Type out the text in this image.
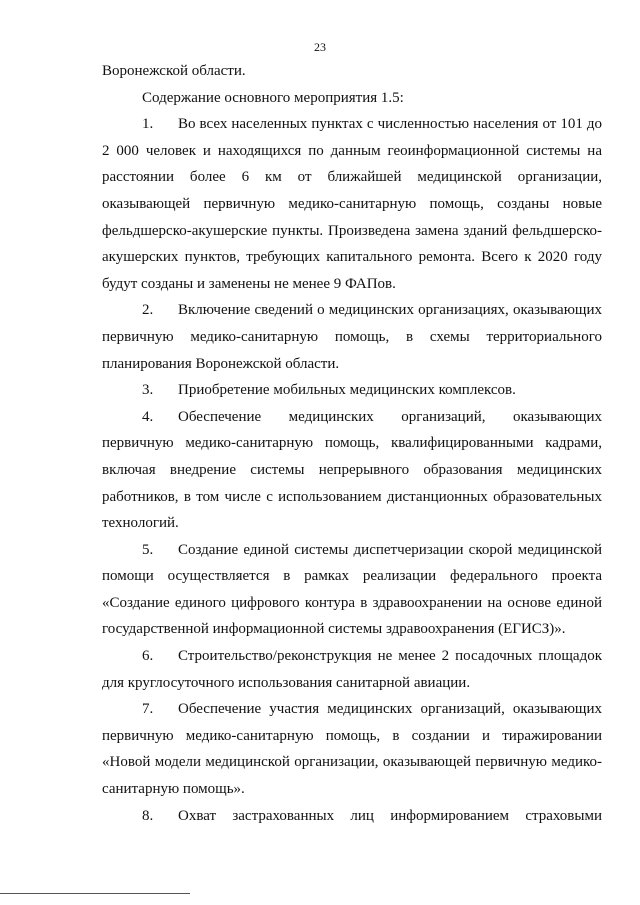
23

Воронежской области.

Содержание основного мероприятия 1.5:

1. Во всех населенных пунктах с численностью населения от 101 до 2 000 человек и находящихся по данным геоинформационной системы на расстоянии более 6 км от ближайшей медицинской организации, оказывающей первичную медико-санитарную помощь, созданы новые фельдшерско-акушерские пункты. Произведена замена зданий фельдшерско-акушерских пунктов, требующих капитального ремонта. Всего к 2020 году будут созданы и заменены не менее 9 ФАПов.

2. Включение сведений о медицинских организациях, оказывающих первичную медико-санитарную помощь, в схемы территориального планирования Воронежской области.

3. Приобретение мобильных медицинских комплексов.

4. Обеспечение медицинских организаций, оказывающих первичную медико-санитарную помощь, квалифицированными кадрами, включая внедрение системы непрерывного образования медицинских работников, в том числе с использованием дистанционных образовательных технологий.

5. Создание единой системы диспетчеризации скорой медицинской помощи осуществляется в рамках реализации федерального проекта «Создание единого цифрового контура в здравоохранении на основе единой государственной информационной системы здравоохранения (ЕГИСЗ)».

6. Строительство/реконструкция не менее 2 посадочных площадок для круглосуточного использования санитарной авиации.

7. Обеспечение участия медицинских организаций, оказывающих первичную медико-санитарную помощь, в создании и тиражировании «Новой модели медицинской организации, оказывающей первичную медико-санитарную помощь».

8. Охват застрахованных лиц информированием страховыми
